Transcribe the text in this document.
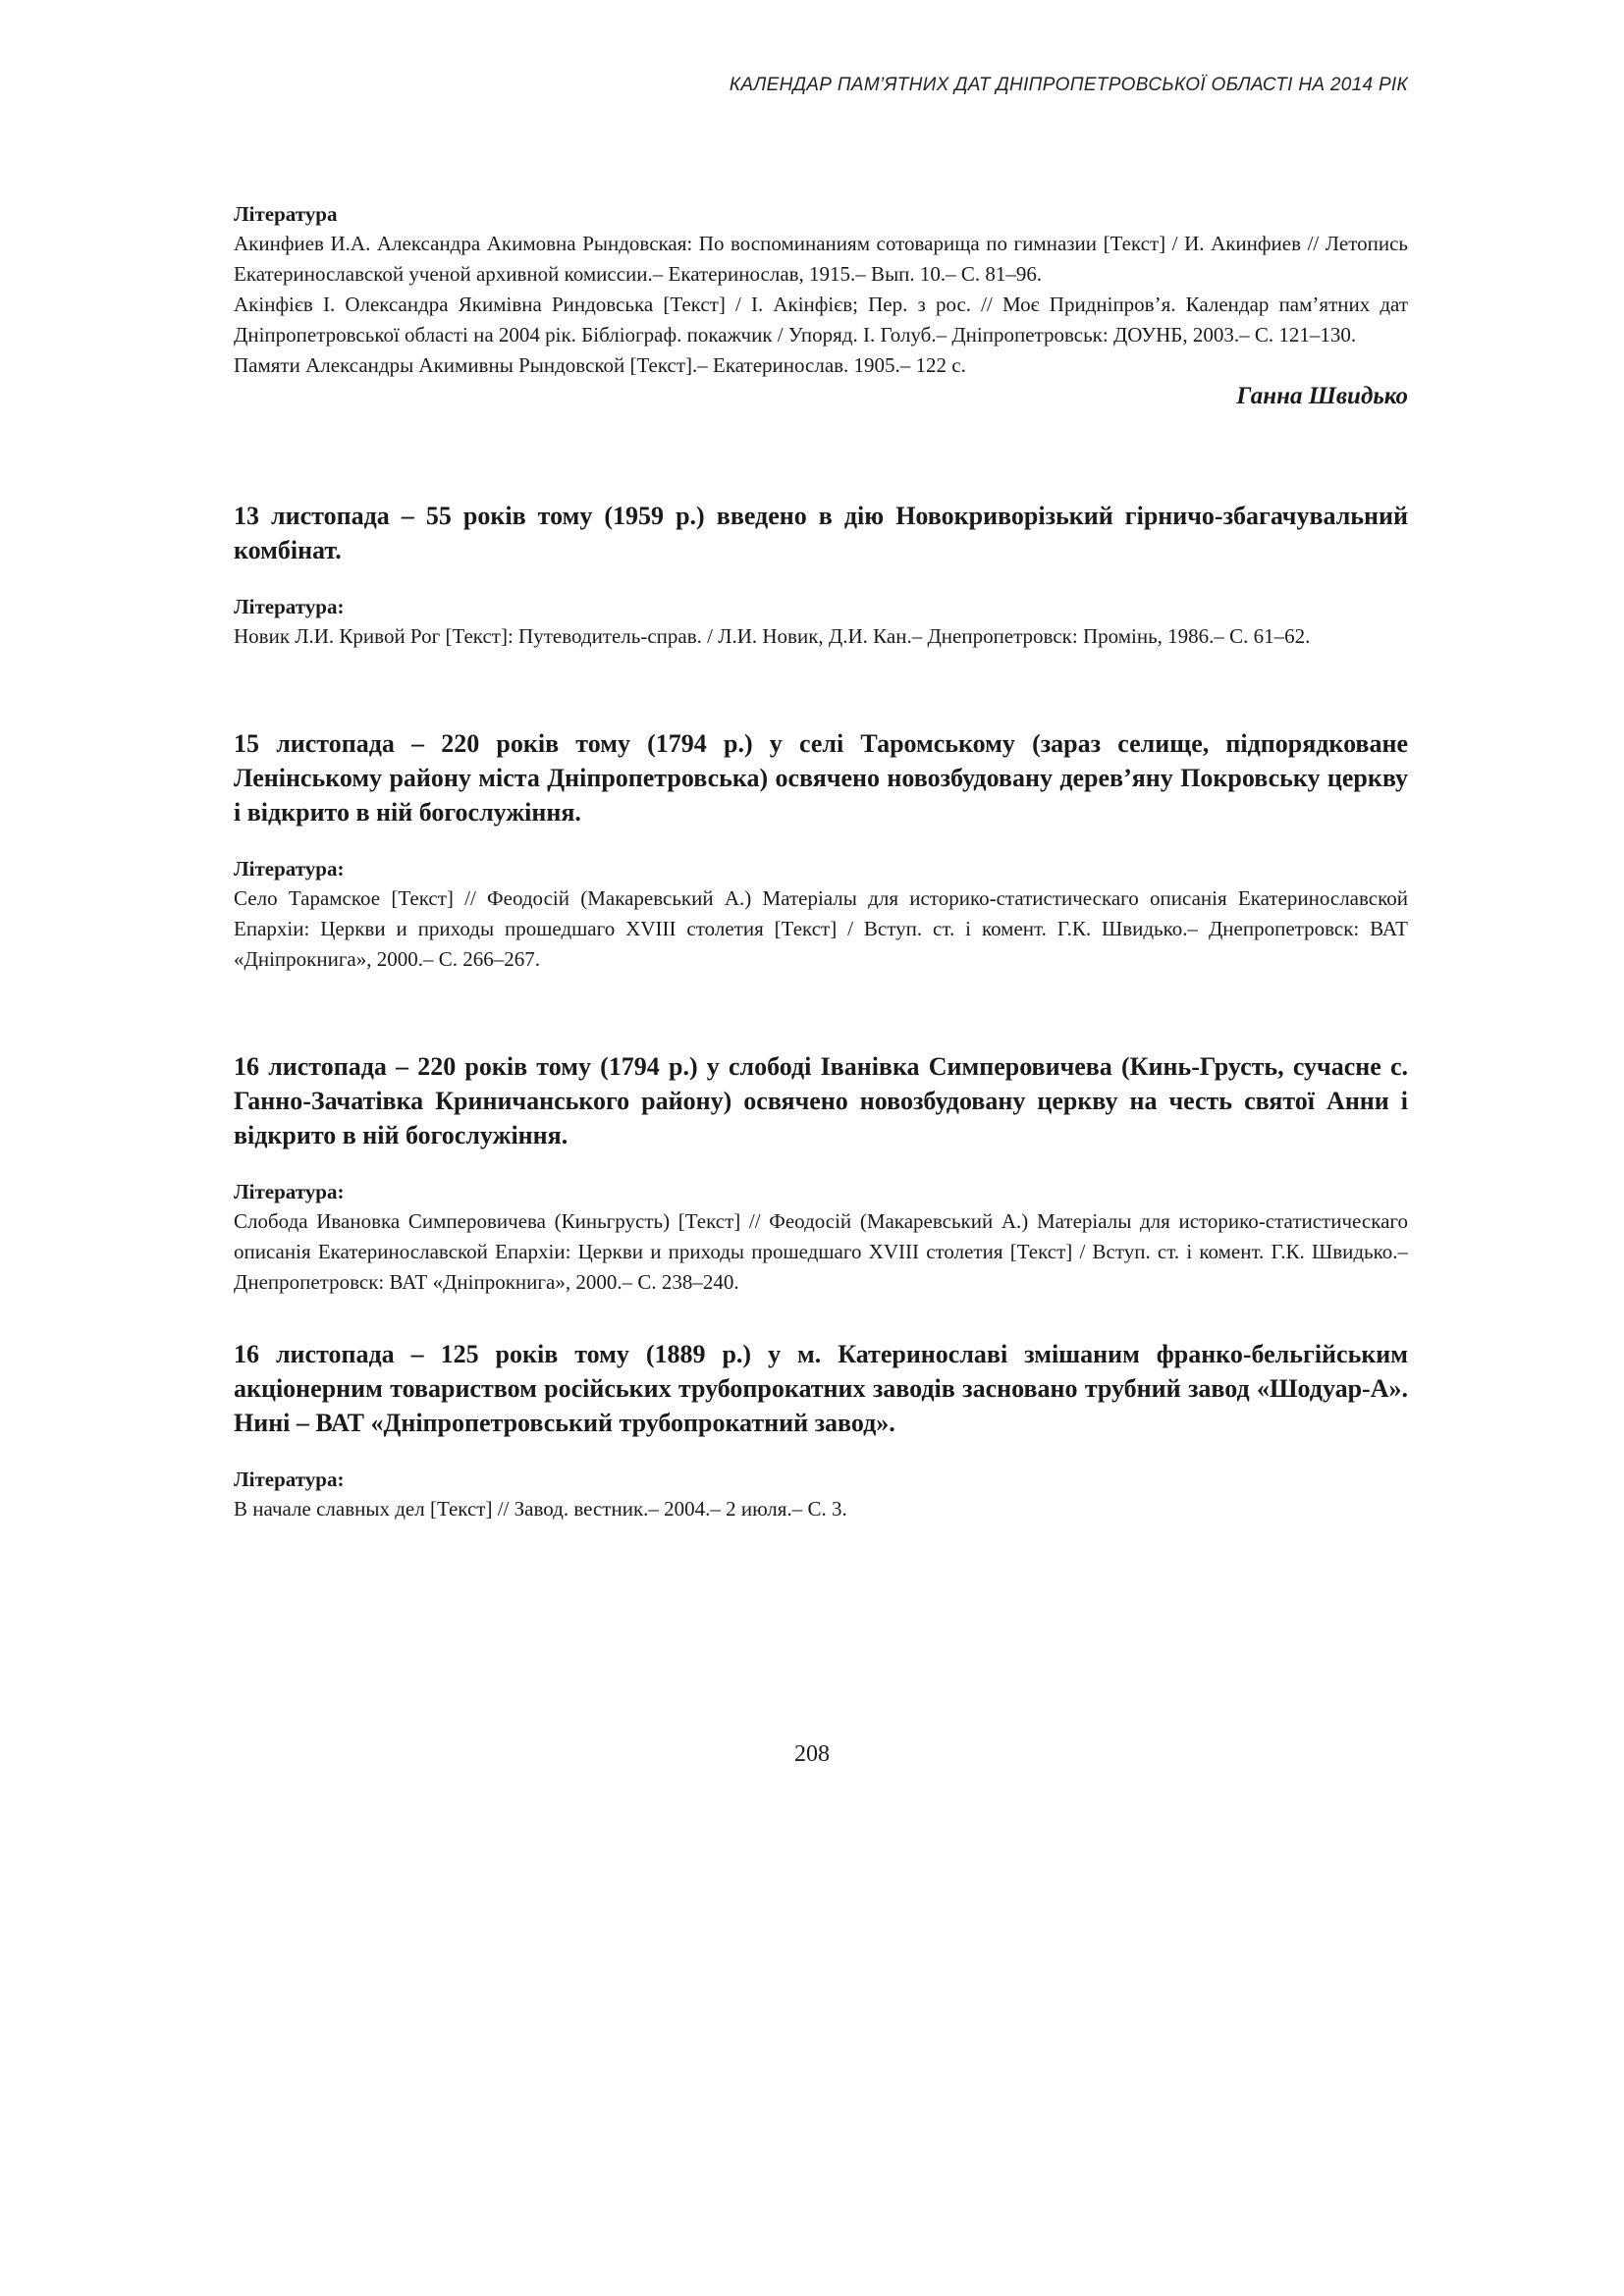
КАЛЕНДАР ПАМ’ЯТНИХ ДАТ ДНІПРОПЕТРОВСЬКОЇ ОБЛАСТІ НА 2014 РІК

Література

Акинфиев И.А. Александра Акимовна Рындовская: По воспоминаниям сотоварища по гимназии [Текст] / И. Акинфиев // Летопись Екатеринославской ученой архивной комиссии.– Екатеринослав, 1915.– Вып. 10.– С. 81–96.

Акінфієв І. Олександра Якимівна Риндовська [Текст] / І. Акінфієв; Пер. з рос. // Моє Придніпров’я. Календар пам’ятних дат Дніпропетровської області на 2004 рік. Бібліограф. покажчик / Упоряд. І. Голуб.– Дніпропетровськ: ДОУНБ, 2003.– С. 121–130.

Памяти Александры Акимивны Рындовской [Текст].– Екатеринослав. 1905.– 122 с.

Ганна Швидько

13 листопада – 55 років тому (1959 р.) введено в дію Новокриворізький гірничо-збагачувальний комбінат.

Література:

Новик Л.И. Кривой Рог [Текст]: Путеводитель-справ. / Л.И. Новик, Д.И. Кан.– Днепропетровск: Промінь, 1986.– С. 61–62.

15 листопада – 220 років тому (1794 р.) у селі Таромському (зараз селище, підпорядковане Ленінському району міста Дніпропетровська) освячено новозбудовану дерев’яну Покровську церкву і відкрито в ній богослужіння.

Література:

Село Тарамское [Текст] // Феодосій (Макаревський А.) Матеріалы для историко-статистическаго описанія Екатеринославской Епархіи: Церкви и приходы прошедшаго XVIII столетия [Текст] / Вступ. ст. і комент. Г.К. Швидько.– Днепропетровск: ВАТ «Дніпрокнига», 2000.– С. 266–267.

16 листопада – 220 років тому (1794 р.) у слободі Іванівка Симперовичева (Кинь-Грусть, сучасне с. Ганно-Зачатівка Криничанського району) освячено новозбудовану церкву на честь святої Анни і відкрито в ній богослужіння.

Література:

Слобода Ивановка Симперовичева (Киньгрусть) [Текст] // Феодосій (Макаревський А.) Матеріалы для историко-статистическаго описанія Екатеринославской Епархіи: Церкви и приходы прошедшаго XVIII столетия [Текст] / Вступ. ст. і комент. Г.К. Швидько.– Днепропетровск: ВАТ «Дніпрокнига», 2000.– С. 238–240.

16 листопада – 125 років тому (1889 р.) у м. Катеринославі змішаним франко-бельгійським акціонерним товариством російських трубопрокатних заводів засновано трубний завод «Шодуар-А». Нині – ВАТ «Дніпропетровський трубопрокатний завод».

Література:

В начале славных дел [Текст] // Завод. вестник.– 2004.– 2 июля.– С. 3.

208
